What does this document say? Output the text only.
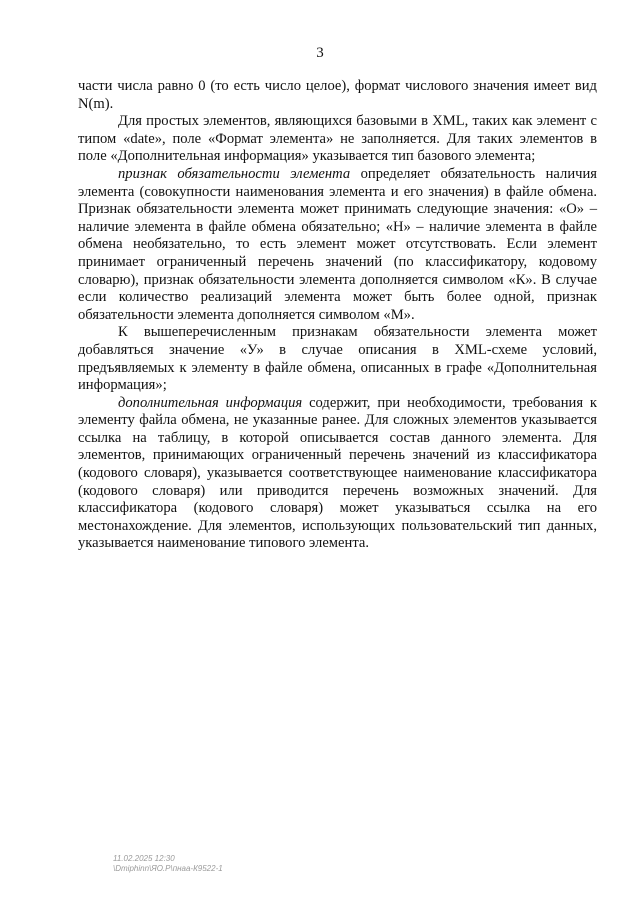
3

части числа равно 0 (то есть число целое), формат числового значения имеет вид N(m).

Для простых элементов, являющихся базовыми в XML, таких как элемент с типом «date», поле «Формат элемента» не заполняется. Для таких элементов в поле «Дополнительная информация» указывается тип базового элемента;

признак обязательности элемента определяет обязательность наличия элемента (совокупности наименования элемента и его значения) в файле обмена. Признак обязательности элемента может принимать следующие значения: «О» – наличие элемента в файле обмена обязательно; «Н» – наличие элемента в файле обмена необязательно, то есть элемент может отсутствовать. Если элемент принимает ограниченный перечень значений (по классификатору, кодовому словарю), признак обязательности элемента дополняется символом «К». В случае если количество реализаций элемента может быть более одной, признак обязательности элемента дополняется символом «М».

К вышеперечисленным признакам обязательности элемента может добавляться значение «У» в случае описания в XML-схеме условий, предъявляемых к элементу в файле обмена, описанных в графе «Дополнительная информация»;

дополнительная информация содержит, при необходимости, требования к элементу файла обмена, не указанные ранее. Для сложных элементов указывается ссылка на таблицу, в которой описывается состав данного элемента. Для элементов, принимающих ограниченный перечень значений из классификатора (кодового словаря), указывается соответствующее наименование классификатора (кодового словаря) или приводится перечень возможных значений. Для классификатора (кодового словаря) может указываться ссылка на его местонахождение. Для элементов, использующих пользовательский тип данных, указывается наименование типового элемента.

11.02.2025 12:30
\Dmiphinn\ЯО.Р\пнаа-К9522-1
